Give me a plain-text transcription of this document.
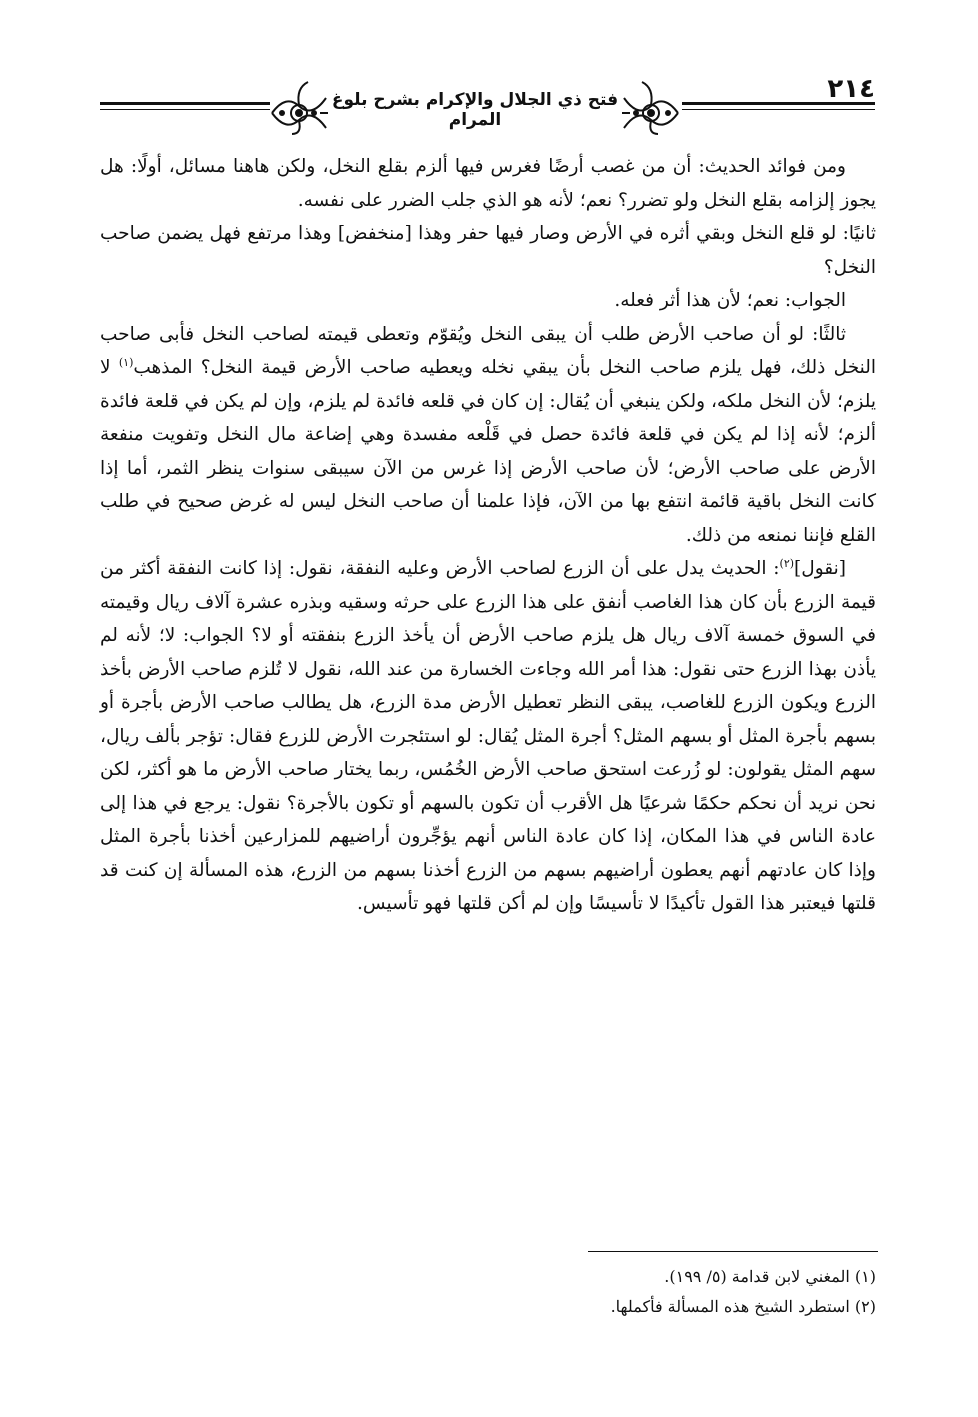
فتح ذي الجلال والإكرام بشرح بلوغ المرام
٢١٤

ومن فوائد الحديث: أن من غصب أرضًا فغرس فيها ألزم بقلع النخل، ولكن هاهنا مسائل، أولًا: هل يجوز إلزامه بقلع النخل ولو تضرر؟ نعم؛ لأنه هو الذي جلب الضرر على نفسه.

ثانيًا: لو قلع النخل وبقي أثره في الأرض وصار فيها حفر وهذا [منخفض] وهذا مرتفع فهل يضمن صاحب النخل؟

الجواب: نعم؛ لأن هذا أثر فعله.

ثالثًا: لو أن صاحب الأرض طلب أن يبقى النخل ويُقوّم وتعطى قيمته لصاحب النخل فأبى صاحب النخل ذلك، فهل يلزم صاحب النخل بأن يبقي نخله ويعطيه صاحب الأرض قيمة النخل؟ المذهب$^{(١)}$ لا يلزم؛ لأن النخل ملكه، ولكن ينبغي أن يُقال: إن كان في قلعه فائدة لم يلزم، وإن لم يكن في قلعة فائدة ألزم؛ لأنه إذا لم يكن في قلعة فائدة حصل في قَلْعه مفسدة وهي إضاعة مال النخل وتفويت منفعة الأرض على صاحب الأرض؛ لأن صاحب الأرض إذا غرس من الآن سيبقى سنوات ينظر الثمر، أما إذا كانت النخل باقية قائمة انتفع بها من الآن، فإذا علمنا أن صاحب النخل ليس له غرض صحيح في طلب القلع فإننا نمنعه من ذلك.

[نقول]$^{(٢)}$: الحديث يدل على أن الزرع لصاحب الأرض وعليه النفقة، نقول: إذا كانت النفقة أكثر من قيمة الزرع بأن كان هذا الغاصب أنفق على هذا الزرع على حرثه وسقيه وبذره عشرة آلاف ريال وقيمته في السوق خمسة آلاف ريال هل يلزم صاحب الأرض أن يأخذ الزرع بنفقته أو لا؟ الجواب: لا؛ لأنه لم يأذن بهذا الزرع حتى نقول: هذا أمر الله وجاءت الخسارة من عند الله، نقول لا تُلزم صاحب الأرض بأخذ الزرع ويكون الزرع للغاصب، يبقى النظر تعطيل الأرض مدة الزرع، هل يطالب صاحب الأرض بأجرة أو بسهم بأجرة المثل أو بسهم المثل؟ أجرة المثل يُقال: لو استئجرت الأرض للزرع فقال: تؤجر بألف ريال، سهم المثل يقولون: لو زُرعت استحق صاحب الأرض الخُمُس، ربما يختار صاحب الأرض ما هو أكثر، لكن نحن نريد أن نحكم حكمًا شرعيًا هل الأقرب أن تكون بالسهم أو تكون بالأجرة؟ نقول: يرجع في هذا إلى عادة الناس في هذا المكان، إذا كان عادة الناس أنهم يؤجِّرون أراضيهم للمزارعين أخذنا بأجرة المثل وإذا كان عادتهم أنهم يعطون أراضيهم بسهم من الزرع أخذنا بسهم من الزرع، هذه المسألة إن كنت قد قلتها فيعتبر هذا القول تأكيدًا لا تأسيسًا وإن لم أكن قلتها فهو تأسيس.

(١) المغني لابن قدامة (٥/ ١٩٩).

(٢) استطرد الشيخ هذه المسألة فأكملها.
